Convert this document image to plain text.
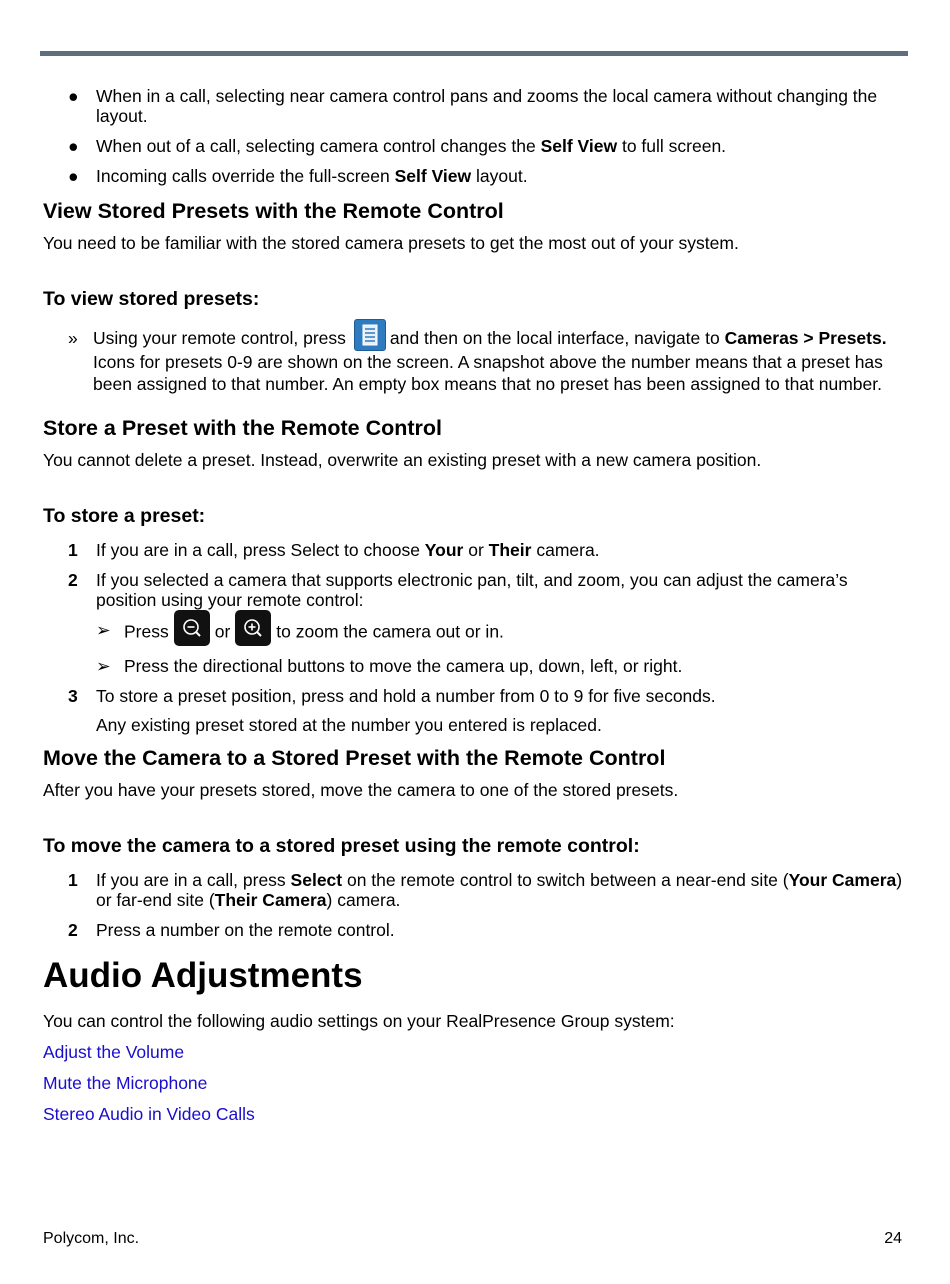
● When in a call, selecting near camera control pans and zooms the local camera without changing the layout.

● When out of a call, selecting camera control changes the Self View to full screen.

● Incoming calls override the full-screen Self View layout.

View Stored Presets with the Remote Control

You need to be familiar with the stored camera presets to get the most out of your system.

To view stored presets:

» Using your remote control, press	and then on the local interface, navigate to Cameras > Presets. Icons for presets 0-9 are shown on the screen. A snapshot above the number means that a preset has been assigned to that number. An empty box means that no preset has been assigned to that number.

Store a Preset with the Remote Control

You cannot delete a preset. Instead, overwrite an existing preset with a new camera position.

To store a preset:

1 If you are in a call, press Select to choose Your or Their camera.

2 If you selected a camera that supports electronic pan, tilt, and zoom, you can adjust the camera’s position using your remote control:

➢ Press	or	to zoom the camera out or in.

➢ Press the directional buttons to move the camera up, down, left, or right.

3 To store a preset position, press and hold a number from 0 to 9 for five seconds.

Any existing preset stored at the number you entered is replaced.

Move the Camera to a Stored Preset with the Remote Control

After you have your presets stored, move the camera to one of the stored presets.

To move the camera to a stored preset using the remote control:

1 If you are in a call, press Select on the remote control to switch between a near-end site (Your Camera) or far-end site (Their Camera) camera.

2 Press a number on the remote control.

Audio Adjustments

You can control the following audio settings on your RealPresence Group system:

Adjust the Volume
Mute the Microphone
Stereo Audio in Video Calls
Polycom, Inc.	24
